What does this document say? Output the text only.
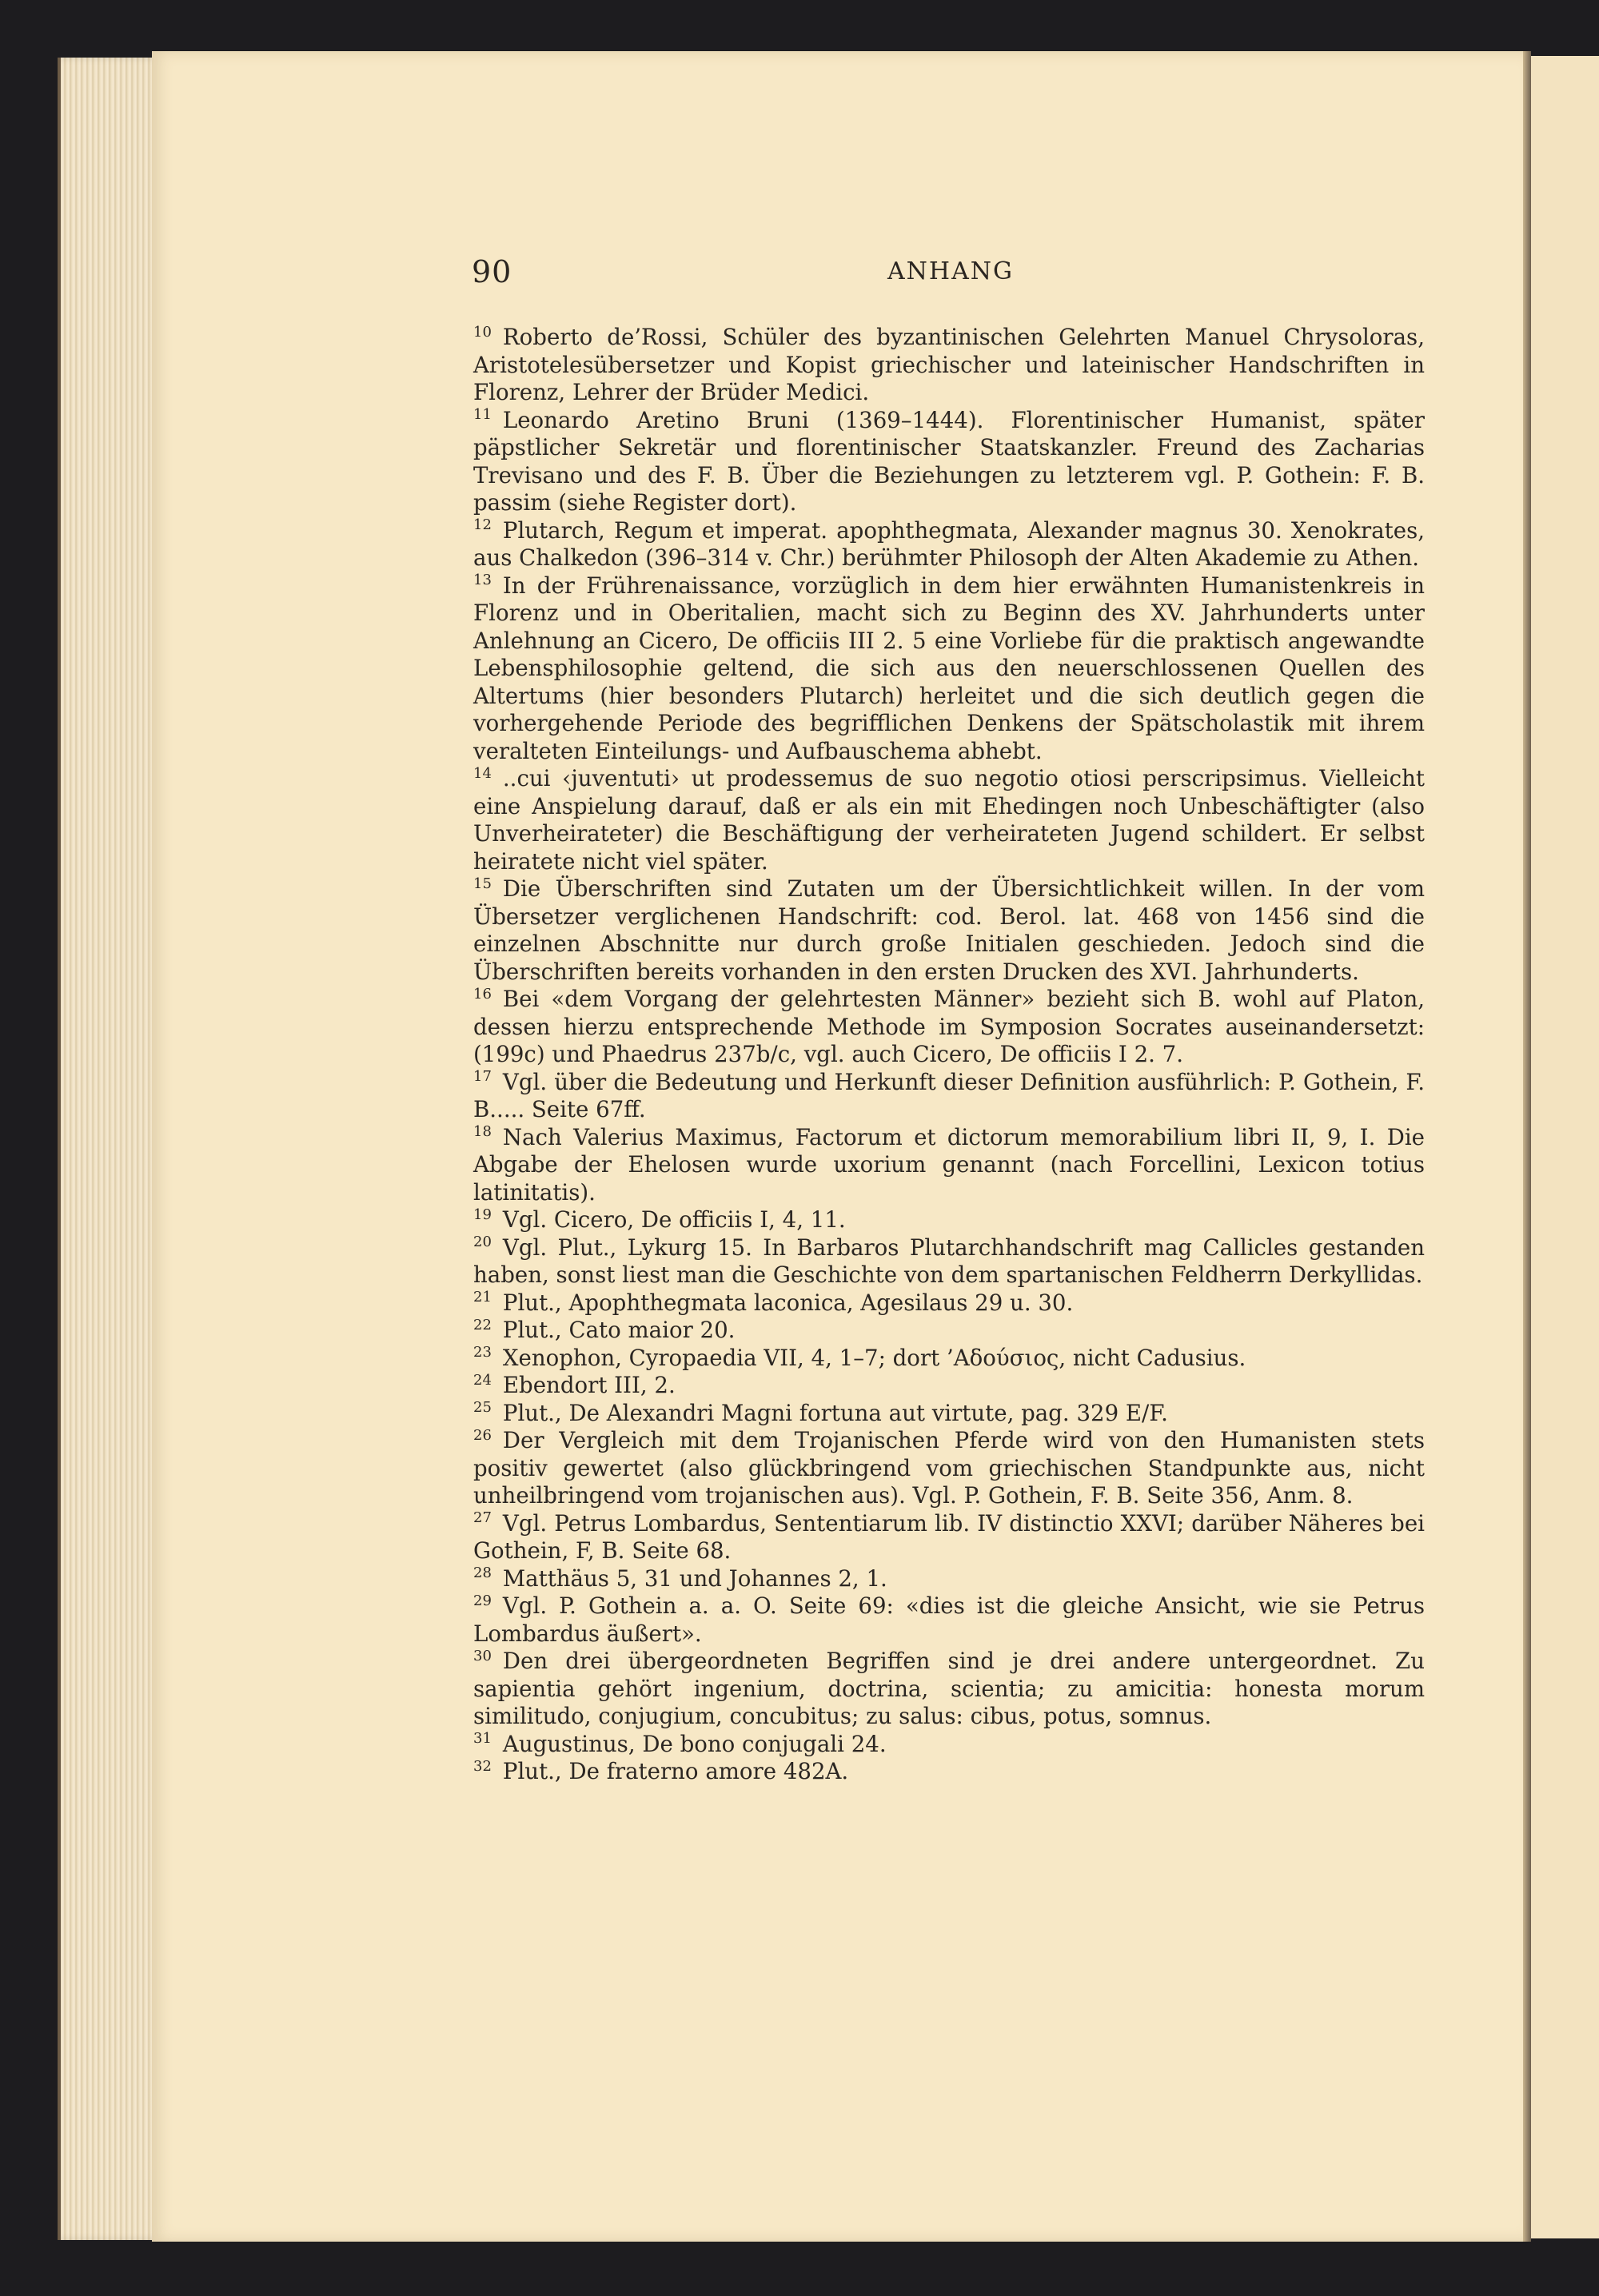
90	ANHANG

10 Roberto de’Rossi, Schüler des byzantinischen Gelehrten Manuel Chrysoloras, Aristotelesübersetzer und Kopist griechischer und lateinischer Handschriften in Florenz, Lehrer der Brüder Medici.

11 Leonardo Aretino Bruni (1369–1444). Florentinischer Humanist, später päpstlicher Sekretär und florentinischer Staatskanzler. Freund des Zacharias Trevisano und des F. B. Über die Beziehungen zu letzterem vgl. P. Gothein: F. B. passim (siehe Register dort).

12 Plutarch, Regum et imperat. apophthegmata, Alexander magnus 30. Xenokrates, aus Chalkedon (396–314 v. Chr.) berühmter Philosoph der Alten Akademie zu Athen.

13 In der Frührenaissance, vorzüglich in dem hier erwähnten Humanistenkreis in Florenz und in Oberitalien, macht sich zu Beginn des XV. Jahrhunderts unter Anlehnung an Cicero, De officiis III 2. 5 eine Vorliebe für die praktisch angewandte Lebensphilosophie geltend, die sich aus den neuerschlossenen Quellen des Altertums (hier besonders Plutarch) herleitet und die sich deutlich gegen die vorhergehende Periode des begrifflichen Denkens der Spätscholastik mit ihrem veralteten Einteilungs- und Aufbauschema abhebt.

14 ..cui ‹juventuti› ut prodessemus de suo negotio otiosi perscripsimus. Vielleicht eine Anspielung darauf, daß er als ein mit Ehedingen noch Unbeschäftigter (also Unverheirateter) die Beschäftigung der verheirateten Jugend schildert. Er selbst heiratete nicht viel später.

15 Die Überschriften sind Zutaten um der Übersichtlichkeit willen. In der vom Übersetzer verglichenen Handschrift: cod. Berol. lat. 468 von 1456 sind die einzelnen Abschnitte nur durch große Initialen geschieden. Jedoch sind die Überschriften bereits vorhanden in den ersten Drucken des XVI. Jahrhunderts.

16 Bei «dem Vorgang der gelehrtesten Männer» bezieht sich B. wohl auf Platon, dessen hierzu entsprechende Methode im Symposion Socrates auseinandersetzt: (199c) und Phaedrus 237b/c, vgl. auch Cicero, De officiis I 2. 7.

17 Vgl. über die Bedeutung und Herkunft dieser Definition ausführlich: P. Gothein, F. B..... Seite 67ff.

18 Nach Valerius Maximus, Factorum et dictorum memorabilium libri II, 9, I. Die Abgabe der Ehelosen wurde uxorium genannt (nach Forcellini, Lexicon totius latinitatis).

19 Vgl. Cicero, De officiis I, 4, 11.

20 Vgl. Plut., Lykurg 15. In Barbaros Plutarchhandschrift mag Callicles gestanden haben, sonst liest man die Geschichte von dem spartanischen Feldherrn Derkyllidas.

21 Plut., Apophthegmata laconica, Agesilaus 29 u. 30.

22 Plut., Cato maior 20.

23 Xenophon, Cyropaedia VII, 4, 1–7; dort ’Αδούσιος, nicht Cadusius.

24 Ebendort III, 2.

25 Plut., De Alexandri Magni fortuna aut virtute, pag. 329 E/F.

26 Der Vergleich mit dem Trojanischen Pferde wird von den Humanisten stets positiv gewertet (also glückbringend vom griechischen Standpunkte aus, nicht unheilbringend vom trojanischen aus). Vgl. P. Gothein, F. B. Seite 356, Anm. 8.

27 Vgl. Petrus Lombardus, Sententiarum lib. IV distinctio XXVI; darüber Näheres bei Gothein, F, B. Seite 68.

28 Matthäus 5, 31 und Johannes 2, 1.

29 Vgl. P. Gothein a. a. O. Seite 69: «dies ist die gleiche Ansicht, wie sie Petrus Lombardus äußert».

30 Den drei übergeordneten Begriffen sind je drei andere untergeordnet. Zu sapientia gehört ingenium, doctrina, scientia; zu amicitia: honesta morum similitudo, conjugium, concubitus; zu salus: cibus, potus, somnus.

31 Augustinus, De bono conjugali 24.

32 Plut., De fraterno amore 482A.
